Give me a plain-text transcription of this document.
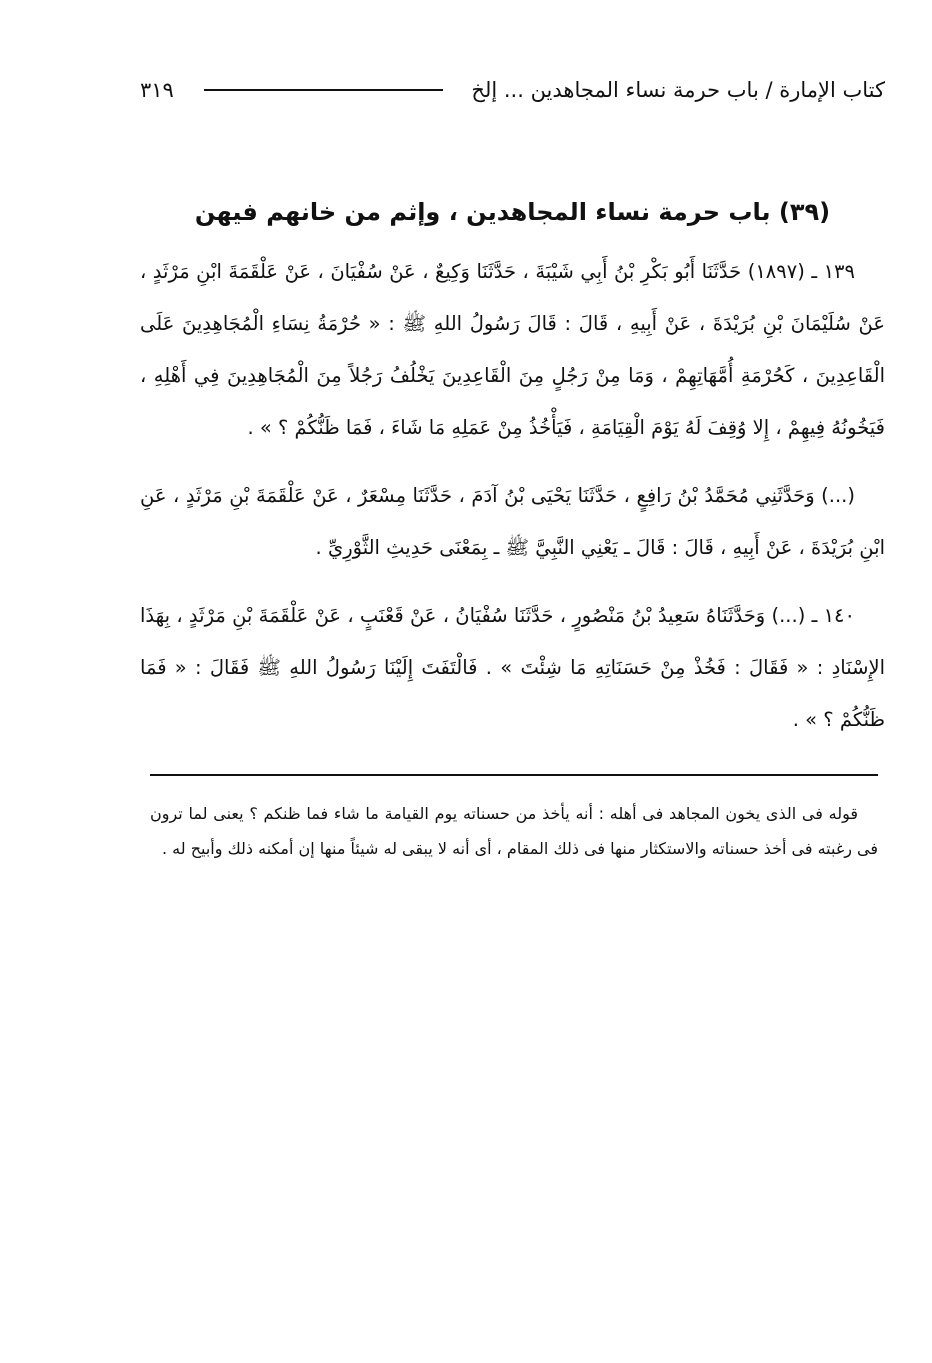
كتاب الإمارة / باب حرمة نساء المجاهدين ... إلخ
٣١٩
(٣٩) باب حرمة نساء المجاهدين ، وإثم من خانهم فيهن

١٣٩ ـ (١٨٩٧) حَدَّثَنَا أَبُو بَكْرِ بْنُ أَبِي شَيْبَةَ ، حَدَّثَنَا وَكِيعٌ ، عَنْ سُفْيَانَ ، عَنْ عَلْقَمَةَ ابْنِ مَرْثَدٍ ، عَنْ سُلَيْمَانَ بْنِ بُرَيْدَةَ ، عَنْ أَبِيهِ ، قَالَ : قَالَ رَسُولُ اللهِ ﷺ : « حُرْمَةُ نِسَاءِ الْمُجَاهِدِينَ عَلَى الْقَاعِدِينَ ، كَحُرْمَةِ أُمَّهَاتِهِمْ ، وَمَا مِنْ رَجُلٍ مِنَ الْقَاعِدِينَ يَخْلُفُ رَجُلاً مِنَ الْمُجَاهِدِينَ فِي أَهْلِهِ ، فَيَخُونُهُ فِيهِمْ ، إِلا وُقِفَ لَهُ يَوْمَ الْقِيَامَةِ ، فَيَأْخُذُ مِنْ عَمَلِهِ مَا شَاءَ ، فَمَا ظَنُّكُمْ ؟ » .

(...) وَحَدَّثَنِي مُحَمَّدُ بْنُ رَافِعٍ ، حَدَّثَنَا يَحْيَى بْنُ آدَمَ ، حَدَّثَنَا مِسْعَرٌ ، عَنْ عَلْقَمَةَ بْنِ مَرْثَدٍ ، عَنِ ابْنِ بُرَيْدَةَ ، عَنْ أَبِيهِ ، قَالَ : قَالَ ـ يَعْنِي النَّبِيَّ ﷺ ـ بِمَعْنَى حَدِيثِ الثَّوْرِيِّ .

١٤٠ ـ (...) وَحَدَّثَنَاهُ سَعِيدُ بْنُ مَنْصُورٍ ، حَدَّثَنَا سُفْيَانُ ، عَنْ قَعْنَبٍ ، عَنْ عَلْقَمَةَ بْنِ مَرْثَدٍ ، بِهَذَا الإِسْنَادِ : « فَقَالَ : فَخُذْ مِنْ حَسَنَاتِهِ مَا شِئْتَ » . فَالْتَفَتَ إِلَيْنَا رَسُولُ اللهِ ﷺ فَقَالَ : « فَمَا ظَنُّكُمْ ؟ » .

قوله فى الذى يخون المجاهد فى أهله : أنه يأخذ من حسناته يوم القيامة ما شاء فما ظنكم ؟ يعنى لما ترون فى رغبته فى أخذ حسناته والاستكثار منها فى ذلك المقام ، أى أنه لا يبقى له شيئاً منها إن أمكنه ذلك وأبيح له .
